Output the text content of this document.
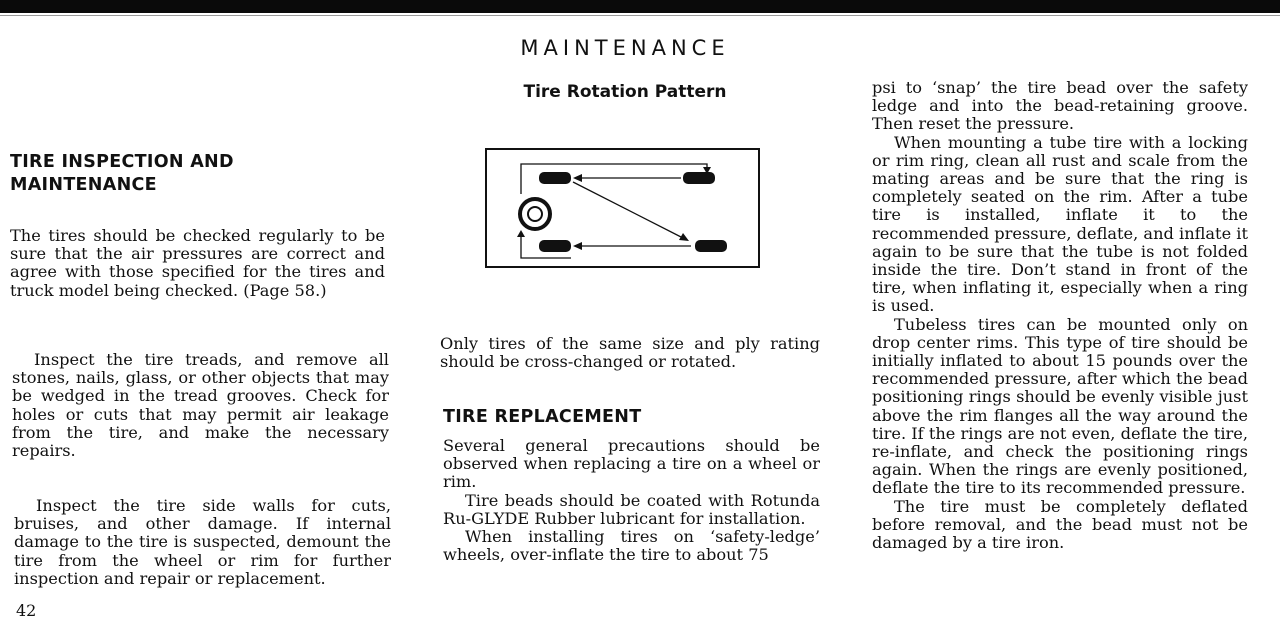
MAINTENANCE
TIRE INSPECTION AND MAINTENANCE

The tires should be checked regularly to be sure that the air pressures are correct and agree with those specified for the tires and truck model being checked. (Page 58.)

Inspect the tire treads, and remove all stones, nails, glass, or other objects that may be wedged in the tread grooves. Check for holes or cuts that may permit air leakage from the tire, and make the necessary repairs.

Inspect the tire side walls for cuts, bruises, and other damage. If internal damage to the tire is suspected, demount the tire from the wheel or rim for further inspection and repair or replacement.

42
Tire Rotation Pattern

Only tires of the same size and ply rating should be cross-changed or rotated.

TIRE REPLACEMENT

Several general precautions should be observed when replacing a tire on a wheel or rim.

Tire beads should be coated with Rotunda Ru-GLYDE Rubber lubricant for installation.

When installing tires on ‘safety-ledge’ wheels, over-inflate the tire to about 75

psi to ‘snap’ the tire bead over the safety ledge and into the bead-retaining groove. Then reset the pressure.

When mounting a tube tire with a locking or rim ring, clean all rust and scale from the mating areas and be sure that the ring is completely seated on the rim. After a tube tire is installed, inflate it to the recommended pressure, deflate, and inflate it again to be sure that the tube is not folded inside the tire. Don’t stand in front of the tire, when inflating it, especially when a ring is used.

Tubeless tires can be mounted only on drop center rims. This type of tire should be initially inflated to about 15 pounds over the recommended pressure, after which the bead positioning rings should be evenly visible just above the rim flanges all the way around the tire. If the rings are not even, deflate the tire, re-inflate, and check the positioning rings again. When the rings are evenly positioned, deflate the tire to its recommended pressure.

The tire must be completely deflated before removal, and the bead must not be damaged by a tire iron.
